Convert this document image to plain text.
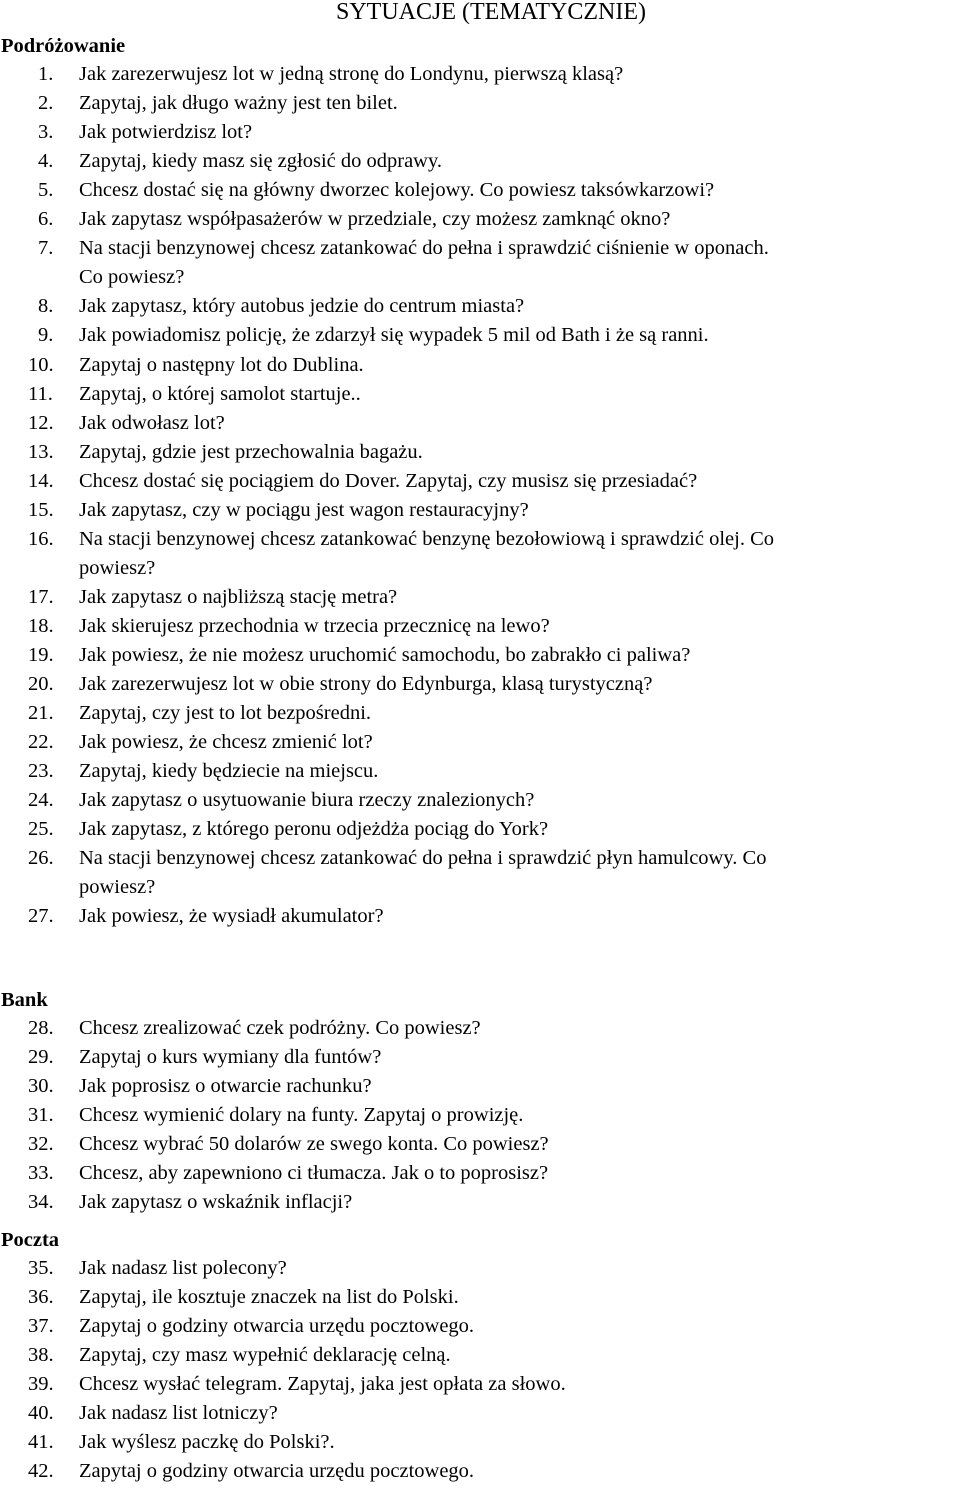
SYTUACJE (TEMATYCZNIE)
Podróżowanie
1.	Jak zarezerwujesz lot w jedną stronę do Londynu, pierwszą klasą?
2.	Zapytaj, jak długo ważny jest ten bilet.
3.	Jak potwierdzisz lot?
4.	Zapytaj, kiedy masz się zgłosić do odprawy.
5.	Chcesz dostać się na główny dworzec kolejowy. Co powiesz taksówkarzowi?
6.	Jak zapytasz współpasażerów w przedziale, czy możesz zamknąć okno?
7.	Na stacji benzynowej chcesz zatankować do pełna i sprawdzić ciśnienie w oponach.
Co powiesz?
8.	Jak zapytasz, który autobus jedzie do centrum miasta?
9.	Jak powiadomisz policję, że zdarzył się wypadek 5 mil od Bath i że są ranni.
10.	Zapytaj o następny lot do Dublina.
11.	Zapytaj, o której samolot startuje..
12.	Jak odwołasz lot?
13.	Zapytaj, gdzie jest przechowalnia bagażu.
14.	Chcesz dostać się pociągiem do Dover. Zapytaj, czy musisz się przesiadać?
15.	Jak zapytasz, czy w pociągu jest wagon restauracyjny?
16.	Na stacji benzynowej chcesz zatankować benzynę bezołowiową i sprawdzić olej. Co
powiesz?
17.	Jak zapytasz o najbliższą stację metra?
18.	Jak skierujesz przechodnia w trzecia przecznicę na lewo?
19.	Jak powiesz, że nie możesz uruchomić samochodu, bo zabrakło ci paliwa?
20.	Jak zarezerwujesz lot w obie strony do Edynburga, klasą turystyczną?
21.	Zapytaj, czy jest to lot bezpośredni.
22.	Jak powiesz, że chcesz zmienić lot?
23.	Zapytaj, kiedy będziecie na miejscu.
24.	Jak zapytasz o usytuowanie biura rzeczy znalezionych?
25.	Jak zapytasz, z którego peronu odjeżdża pociąg do York?
26.	Na stacji benzynowej chcesz zatankować do pełna i sprawdzić płyn hamulcowy. Co
powiesz?
27.	Jak powiesz, że wysiadł akumulator?
Bank
28.	Chcesz zrealizować czek podróżny. Co powiesz?
29.	Zapytaj o kurs wymiany dla funtów?
30.	Jak poprosisz o otwarcie rachunku?
31.	Chcesz wymienić dolary na funty. Zapytaj o prowizję.
32.	Chcesz wybrać 50 dolarów ze swego konta. Co powiesz?
33.	Chcesz, aby zapewniono ci tłumacza. Jak o to poprosisz?
34.	Jak zapytasz o wskaźnik inflacji?
Poczta
35.	Jak nadasz list polecony?
36.	Zapytaj, ile kosztuje znaczek na list do Polski.
37.	Zapytaj o godziny otwarcia urzędu pocztowego.
38.	Zapytaj, czy masz wypełnić deklarację celną.
39.	Chcesz wysłać telegram. Zapytaj, jaka jest opłata za słowo.
40.	Jak nadasz list lotniczy?
41.	Jak wyślesz paczkę do Polski?.
42.	Zapytaj o godziny otwarcia urzędu pocztowego.
